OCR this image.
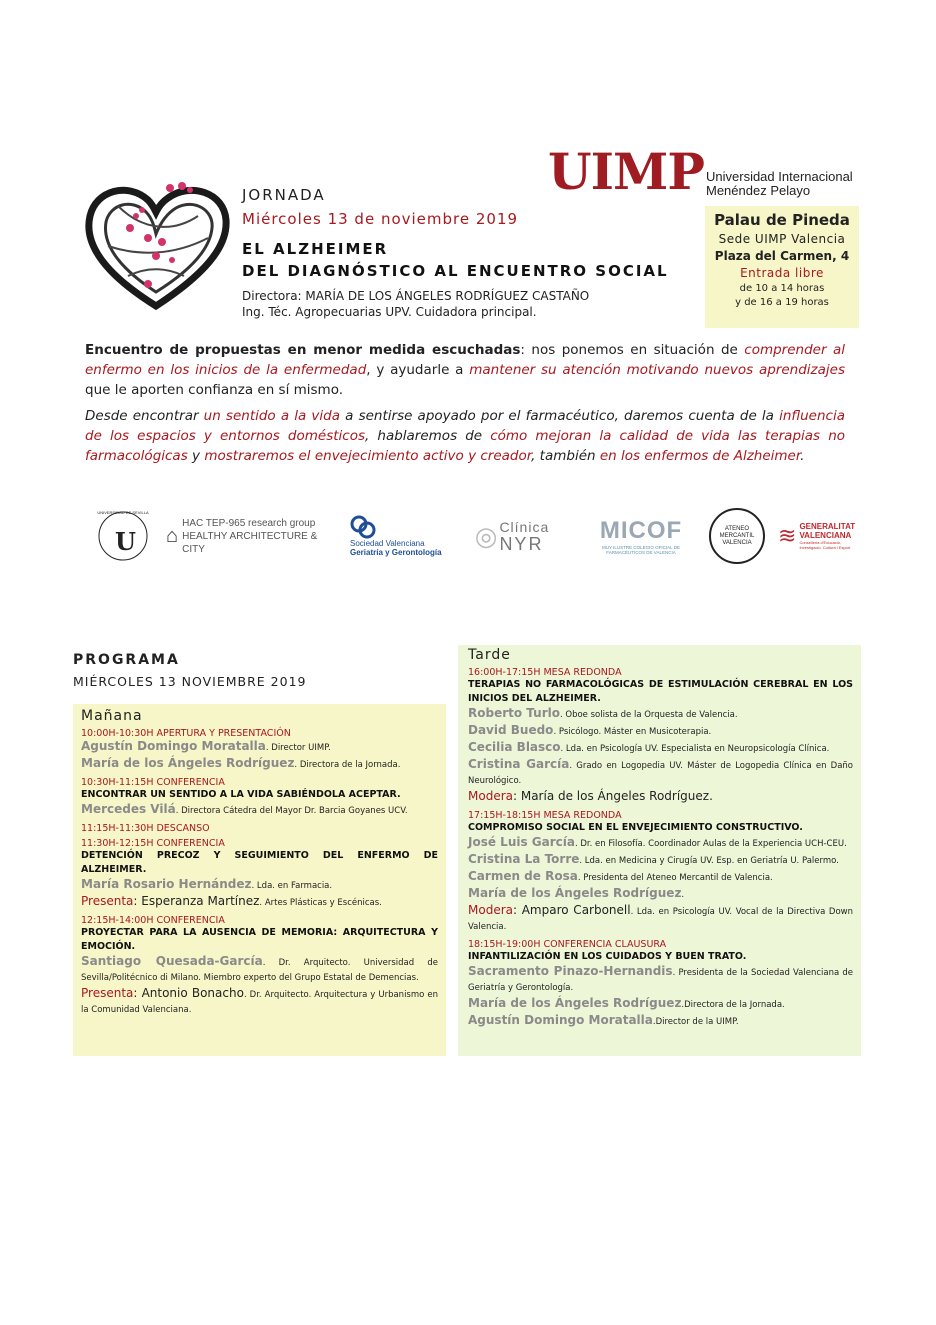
JORNADA
Miércoles 13 de noviembre 2019
EL ALZHEIMER
DEL DIAGNÓSTICO AL ENCUENTRO SOCIAL
Directora: MARÍA DE LOS ÁNGELES RODRÍGUEZ CASTAÑO
Ing. Téc. Agropecuarias UPV. Cuidadora principal.
UIMP Universidad Internacional
Menéndez Pelayo
Palau de Pineda
Sede UIMP Valencia
Plaza del Carmen, 4
Entrada libre
de 10 a 14 horas
y de 16 a 19 horas

Encuentro de propuestas en menor medida escuchadas: nos ponemos en situación de comprender al enfermo en los inicios de la enfermedad, y ayudarle a mantener su atención motivando nuevos aprendizajes que le aporten confianza en sí mismo.

Desde encontrar un sentido a la vida a sentirse apoyado por el farmacéutico, daremos cuenta de la influencia de los espacios y entornos domésticos, hablaremos de cómo mejoran la calidad de vida las terapias no farmacológicas y mostraremos el envejecimiento activo y creador, también en los enfermos de Alzheimer.

U
UNIVERSIDAD DE SEVILLA
⌂
HAC TEP-965 research group
HEALTHY ARCHITECTURE & CITY	Sociedad Valenciana
Geriatría y Gerontología
◎ Clínica
NYR MICOF
MUY ILUSTRE COLEGIO OFICIAL DE FARMACÉUTICOS DE VALENCIA
ATENEO MERCANTIL VALENCIA	≋ GENERALITAT
VALENCIANA
Conselleria d'Educació, Investigació, Cultura i Esport
PROGRAMA
MIÉRCOLES 13 NOVIEMBRE 2019
Mañana
10:00H-10:30H APERTURA Y PRESENTACIÓN
Agustín Domingo Moratalla. Director UIMP.
María de los Ángeles Rodríguez. Directora de la Jornada.
10:30H-11:15H CONFERENCIA
ENCONTRAR UN SENTIDO A LA VIDA SABIÉNDOLA ACEPTAR.
Mercedes Vilá. Directora Cátedra del Mayor Dr. Barcia Goyanes UCV.
11:15H-11:30H DESCANSO
11:30H-12:15H CONFERENCIA
DETENCIÓN PRECOZ Y SEGUIMIENTO DEL ENFERMO DE ALZHEIMER.
María Rosario Hernández. Lda. en Farmacia.
Presenta: Esperanza Martínez. Artes Plásticas y Escénicas.
12:15H-14:00H CONFERENCIA
PROYECTAR PARA LA AUSENCIA DE MEMORIA: ARQUITECTURA Y EMOCIÓN.
Santiago Quesada-García. Dr. Arquitecto. Universidad de Sevilla/Politécnico di Milano. Miembro experto del Grupo Estatal de Demencias.
Presenta: Antonio Bonacho. Dr. Arquitecto. Arquitectura y Urbanismo en la Comunidad Valenciana.
Tarde
16:00H-17:15H MESA REDONDA
TERAPIAS NO FARMACOLÓGICAS DE ESTIMULACIÓN CEREBRAL EN LOS INICIOS DEL ALZHEIMER.
Roberto Turlo. Oboe solista de la Orquesta de Valencia.
David Buedo. Psicólogo. Máster en Musicoterapia.
Cecilia Blasco. Lda. en Psicología UV. Especialista en Neuropsicología Clínica.
Cristina García. Grado en Logopedia UV. Máster de Logopedia Clínica en Daño Neurológico.
Modera: María de los Ángeles Rodríguez.
17:15H-18:15H MESA REDONDA
COMPROMISO SOCIAL EN EL ENVEJECIMIENTO CONSTRUCTIVO.
José Luis García. Dr. en Filosofía. Coordinador Aulas de la Experiencia UCH-CEU.
Cristina La Torre. Lda. en Medicina y Cirugía UV. Esp. en Geriatría U. Palermo.
Carmen de Rosa. Presidenta del Ateneo Mercantil de Valencia.
María de los Ángeles Rodríguez.
Modera: Amparo Carbonell. Lda. en Psicología UV. Vocal de la Directiva Down Valencia.
18:15H-19:00H CONFERENCIA CLAUSURA
INFANTILIZACIÓN EN LOS CUIDADOS Y BUEN TRATO.
Sacramento Pinazo-Hernandis. Presidenta de la Sociedad Valenciana de Geriatría y Gerontología.
María de los Ángeles Rodríguez.Directora de la Jornada.
Agustín Domingo Moratalla.Director de la UIMP.
